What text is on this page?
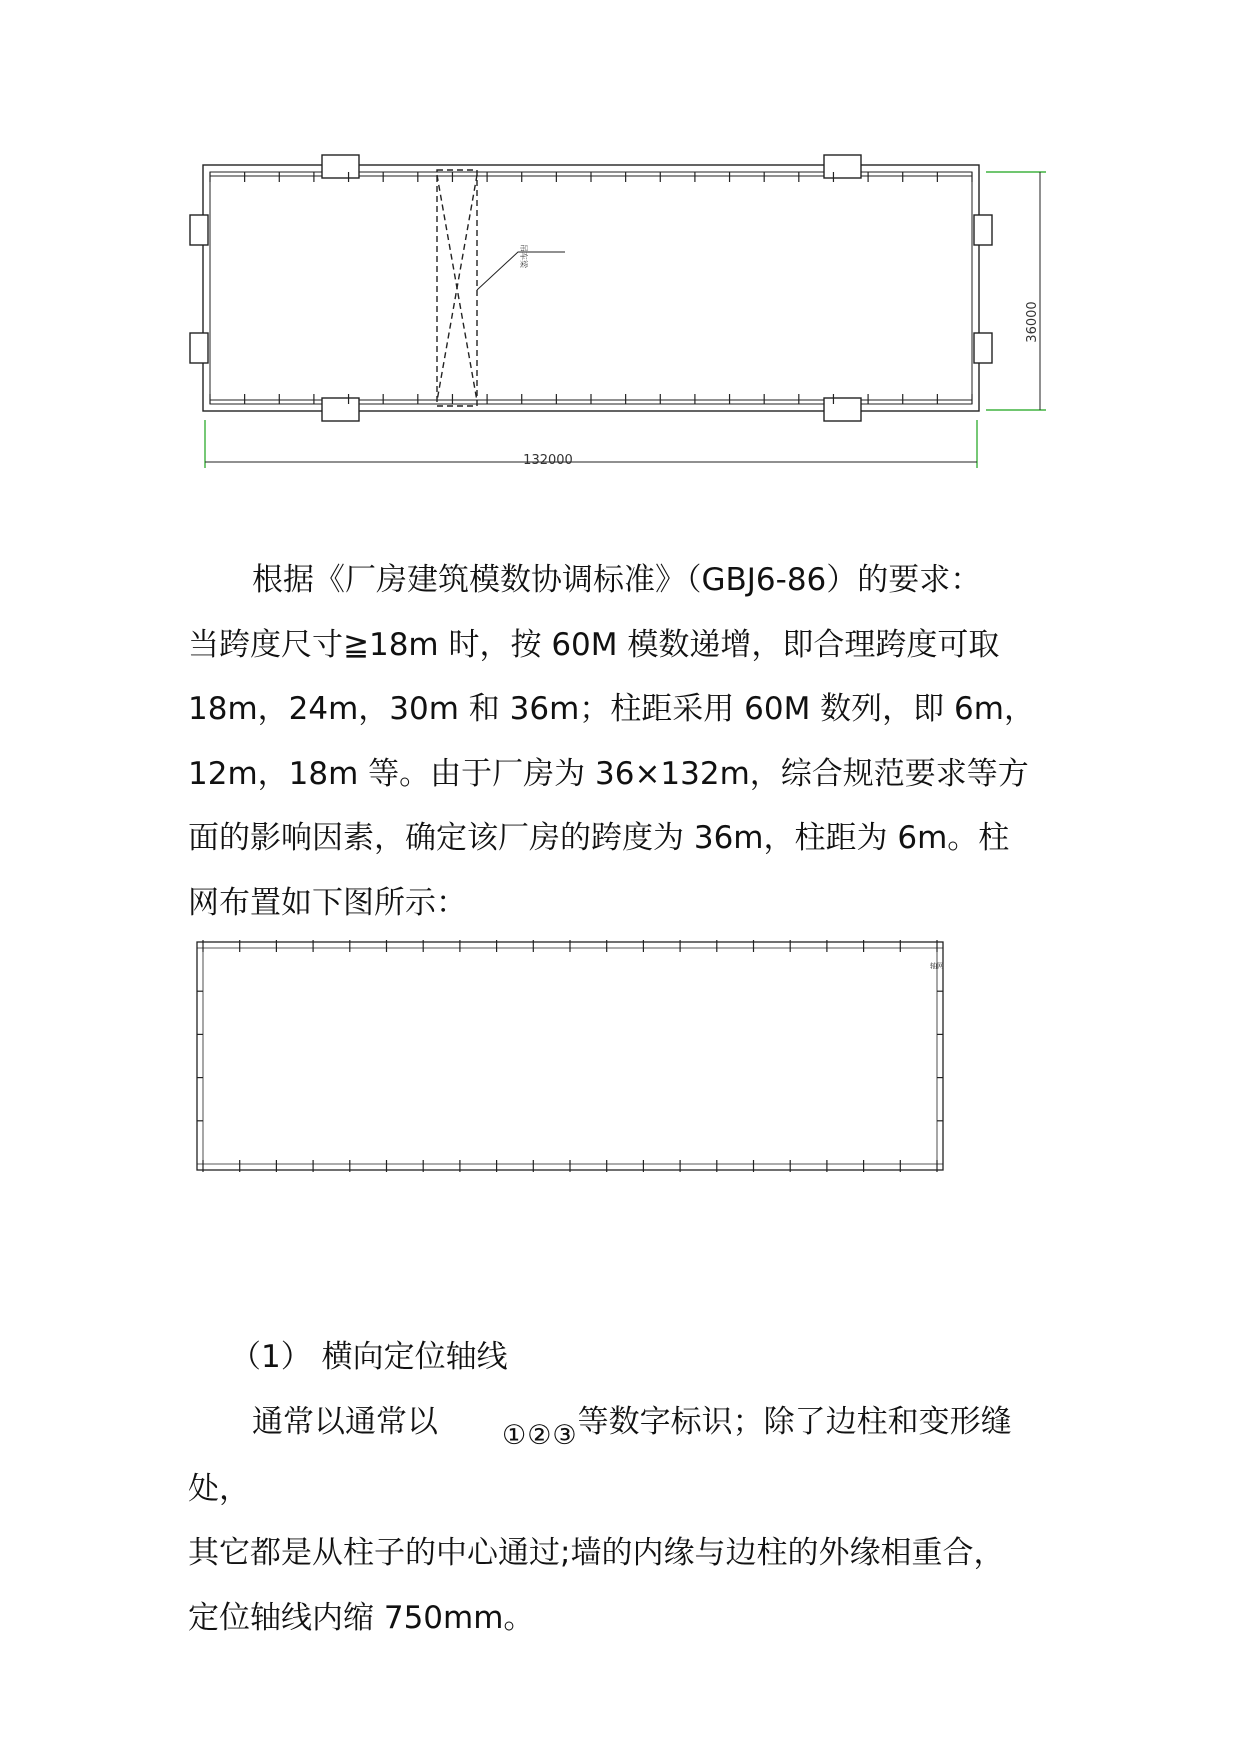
132000
36000
吊车梁

根据《厂房建筑模数协调标准》（GBJ6-86）的要求：

当跨度尺寸≧18m 时，按 60M 模数递增，即合理跨度可取

18m，24m，30m 和 36m；柱距采用 60M 数列，即 6m，

12m，18m 等。由于厂房为 36×132m，综合规范要求等方

面的影响因素，确定该厂房的跨度为 36m，柱距为 6m。柱

网布置如下图所示：

轴网
（1） 横向定位轴线

通常以通常以 ①②③等数字标识；除了边柱和变形缝处，

其它都是从柱子的中心通过;墙的内缘与边柱的外缘相重合，

定位轴线内缩 750mm。
